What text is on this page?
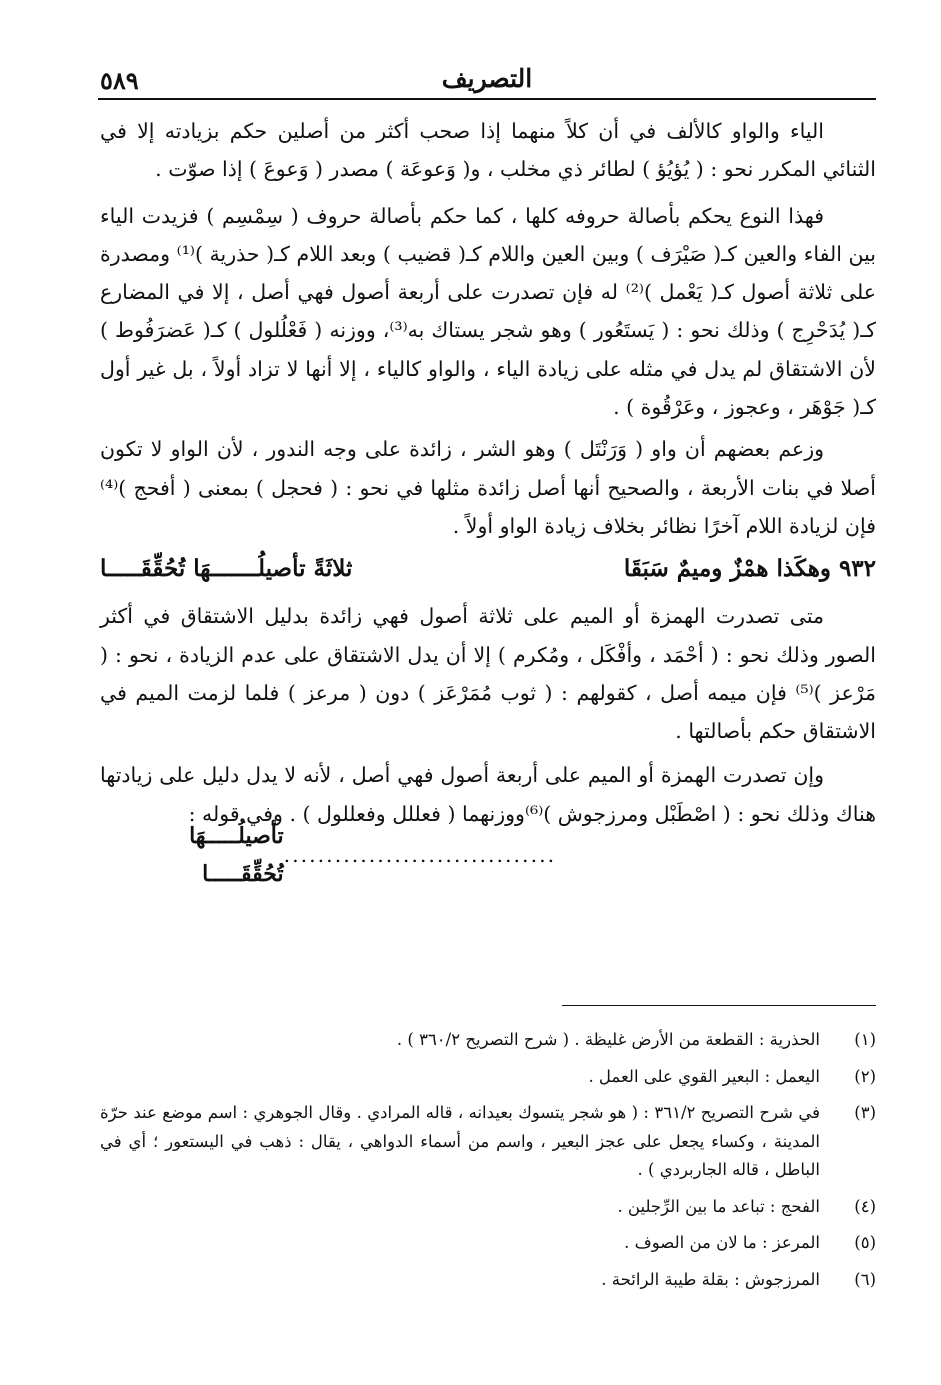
٥٨٩	التصريف

الياء والواو كالألف في أن كلاً منهما إذا صحب أكثر من أصلين حكم بزيادته إلا في الثنائي المكرر نحو : ( يُؤيُؤ ) لطائر ذي مخلب ، و( وَعوعَة ) مصدر ( وَعوعَ ) إذا صوّت .

فهذا النوع يحكم بأصالة حروفه كلها ، كما حكم بأصالة حروف ( سِمْسِم ) فزيدت الياء بين الفاء والعين كـ( صَيْرَف ) وبين العين واللام كـ( قضيب ) وبعد اللام كـ( حذرية )⁽¹⁾ ومصدرة على ثلاثة أصول كـ( يَعْمل )⁽²⁾ له فإن تصدرت على أربعة أصول فهي أصل ، إلا في المضارع كـ( يُدَحْرِج ) وذلك نحو : ( يَستَعُور ) وهو شجر يستاك به⁽³⁾، ووزنه ( فَعْلُلول ) كـ( عَضرَفُوط ) لأن الاشتقاق لم يدل في مثله على زيادة الياء ، والواو كالياء ، إلا أنها لا تزاد أولاً ، بل غير أول كـ( جَوْهَر ، وعجوز ، وعَرْقُوة ) .

وزعم بعضهم أن واو ( وَرَنْتَل ) وهو الشر ، زائدة على وجه الندور ، لأن الواو لا تكون أصلا في بنات الأربعة ، والصحيح أنها أصل زائدة مثلها في نحو : ( فحجل ) بمعنى ( أفحج )⁽⁴⁾ فإن لزيادة اللام آخرًا نظائر بخلاف زيادة الواو أولاً .

٩٣٢ وهكَذا همْزٌ وميمٌ سَبَقَا
ثلاثَةً تأصيلُـــــــهَا تُحُقِّقَـــــا

متى تصدرت الهمزة أو الميم على ثلاثة أصول فهي زائدة بدليل الاشتقاق في أكثر الصور وذلك نحو : ( أحْمَد ، وأفْكَل ، ومُكرم ) إلا أن يدل الاشتقاق على عدم الزيادة ، نحو : ( مَرْعز )⁽⁵⁾ فإن ميمه أصل ، كقولهم : ( ثوب مُمَرْعَز ) دون ( مرعز ) فلما لزمت الميم في الاشتقاق حكم بأصالتها .

وإن تصدرت الهمزة أو الميم على أربعة أصول فهي أصل ، لأنه لا يدل دليل على زيادتها هناك وذلك نحو : ( اصْطَبْل ومرزجوش )⁽⁶⁾ووزنهما ( فعللل وفعللول ) . وفي قوله :

........................
........
تأصيلُـــــهَا تُحُقِّقَـــــا
(١)
الحذرية : القطعة من الأرض غليظة . ( شرح التصريح ٣٦٠/٢ ) .
(٢)
اليعمل : البعير القوي على العمل .
(٣)
في شرح التصريح ٣٦١/٢ : ( هو شجر يتسوك بعيدانه ، قاله المرادي . وقال الجوهري : اسم موضع عند حرّة المدينة ، وكساء يجعل على عجز البعير ، واسم من أسماء الدواهي ، يقال : ذهب في اليستعور ؛ أي في الباطل ، قاله الجاربردي ) .
(٤)
الفحج : تباعد ما بين الرِّجلين .
(٥)
المرعز : ما لان من الصوف .
(٦)
المرزجوش : بقلة طيبة الرائحة .
